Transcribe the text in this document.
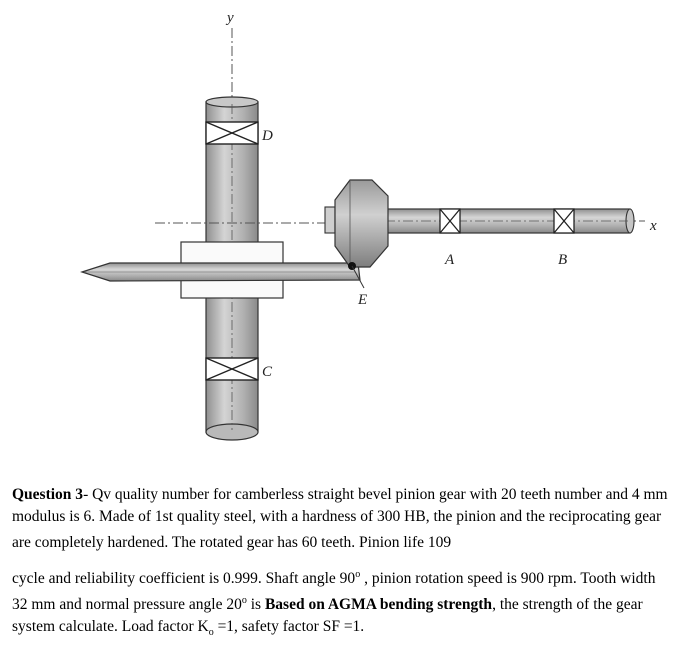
y
D
C
A	B
E
x

Question 3- Qv quality number for camberless straight bevel pinion gear with 20 teeth number and 4 mm modulus is 6. Made of 1st quality steel, with a hardness of 300 HB, the pinion and the reciprocating gear are completely hardened. The rotated gear has 60 teeth. Pinion life 109

cycle and reliability coefficient is 0.999. Shaft angle 90$^o$ , pinion rotation speed is 900 rpm. Tooth width 32 mm and normal pressure angle 20$^o$ is Based on AGMA bending strength, the strength of the gear system calculate. Load factor $K_o =1$, safety factor SF =1.
